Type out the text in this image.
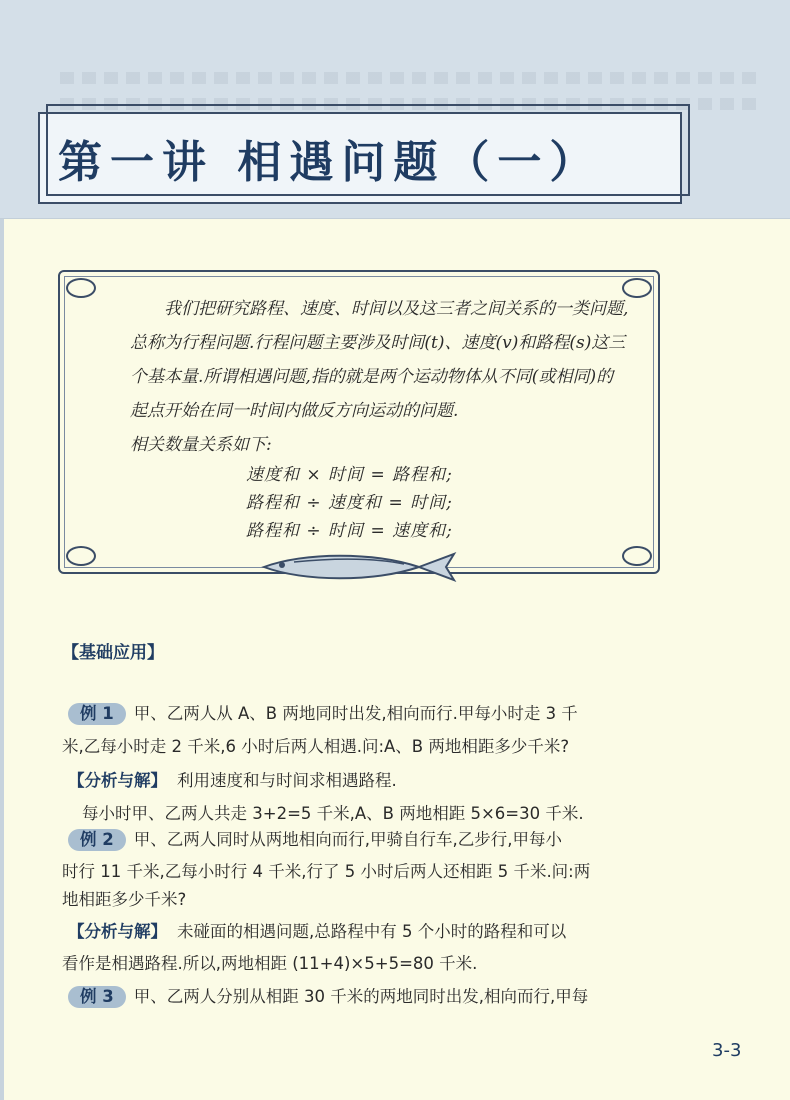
第一讲 相遇问题（一）
我们把研究路程、速度、时间以及这三者之间关系的一类问题,总称为行程问题.行程问题主要涉及时间(t)、速度(v)和路程(s)这三个基本量.所谓相遇问题,指的就是两个运动物体从不同(或相同)的起点开始在同一时间内做反方向运动的问题.
相关数量关系如下:
速度和 × 时间 = 路程和;
路程和 ÷ 速度和 = 时间;
路程和 ÷ 时间 = 速度和;
【基础应用】
例 1 甲、乙两人从 A、B 两地同时出发,相向而行.甲每小时走 3 千
米,乙每小时走 2 千米,6 小时后两人相遇.问:A、B 两地相距多少千米?
【分析与解】 利用速度和与时间求相遇路程.
每小时甲、乙两人共走 3+2=5 千米,A、B 两地相距 5×6=30 千米.
例 2 甲、乙两人同时从两地相向而行,甲骑自行车,乙步行,甲每小
时行 11 千米,乙每小时行 4 千米,行了 5 小时后两人还相距 5 千米.问:两
地相距多少千米?
【分析与解】 未碰面的相遇问题,总路程中有 5 个小时的路程和可以
看作是相遇路程.所以,两地相距 (11+4)×5+5=80 千米.
例 3 甲、乙两人分别从相距 30 千米的两地同时出发,相向而行,甲每
3-3
